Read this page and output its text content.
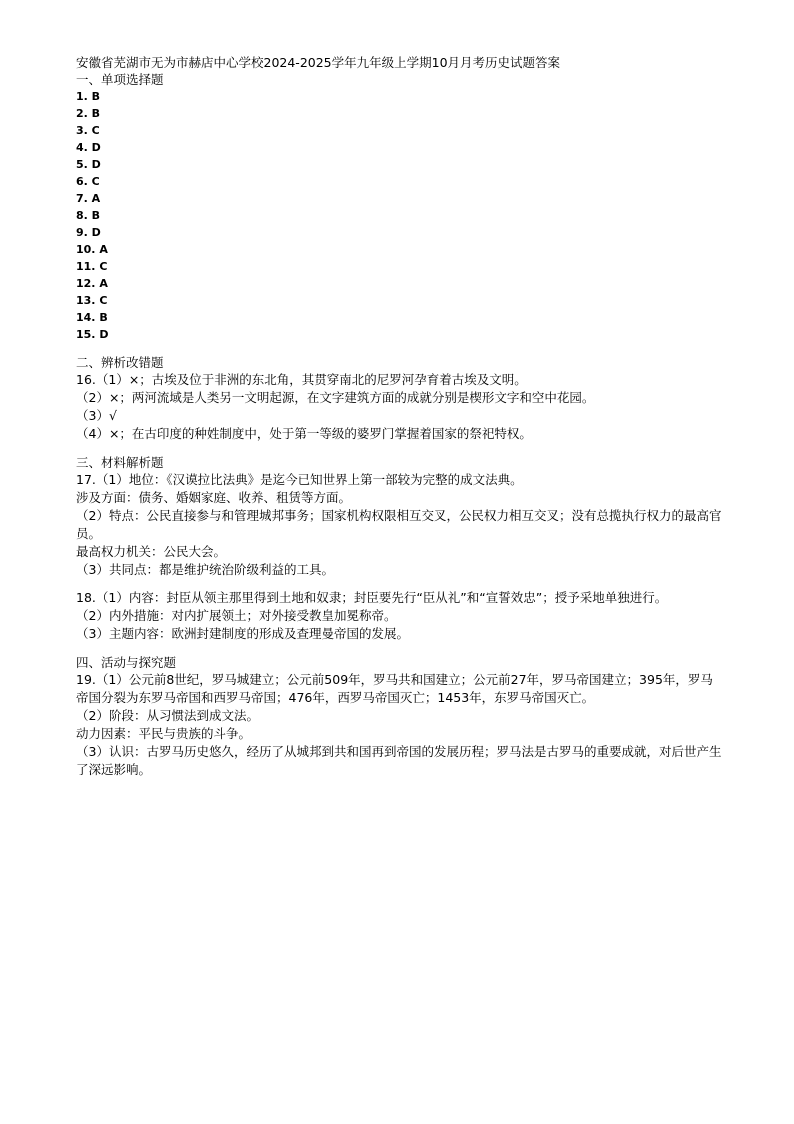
安徽省芜湖市无为市赫店中心学校2024-2025学年九年级上学期10月月考历史试题答案
一、单项选择题
1. B
2. B
3. C
4. D
5. D
6. C
7. A
8. B
9. D
10. A
11. C
12. A
13. C
14. B
15. D
二、辨析改错题
16.（1）×；古埃及位于非洲的东北角，其贯穿南北的尼罗河孕育着古埃及文明。
（2）×；两河流域是人类另一文明起源，在文字建筑方面的成就分别是楔形文字和空中花园。
（3）√
（4）×；在古印度的种姓制度中，处于第一等级的婆罗门掌握着国家的祭祀特权。
三、材料解析题
17.（1）地位：《汉谟拉比法典》是迄今已知世界上第一部较为完整的成文法典。
涉及方面：债务、婚姻家庭、收养、租赁等方面。
（2）特点：公民直接参与和管理城邦事务；国家机构权限相互交叉，公民权力相互交叉；没有总揽执行权力的最高官员。
最高权力机关：公民大会。
（3）共同点：都是维护统治阶级利益的工具。
18.（1）内容：封臣从领主那里得到土地和奴隶；封臣要先行“臣从礼”和“宣誓效忠”；授予采地单独进行。
（2）内外措施：对内扩展领土；对外接受教皇加冕称帝。
（3）主题内容：欧洲封建制度的形成及查理曼帝国的发展。
四、活动与探究题
19.（1）公元前8世纪，罗马城建立；公元前509年，罗马共和国建立；公元前27年，罗马帝国建立；395年，罗马帝国分裂为东罗马帝国和西罗马帝国；476年，西罗马帝国灭亡；1453年，东罗马帝国灭亡。
（2）阶段：从习惯法到成文法。
动力因素：平民与贵族的斗争。
（3）认识：古罗马历史悠久，经历了从城邦到共和国再到帝国的发展历程；罗马法是古罗马的重要成就，对后世产生了深远影响。
